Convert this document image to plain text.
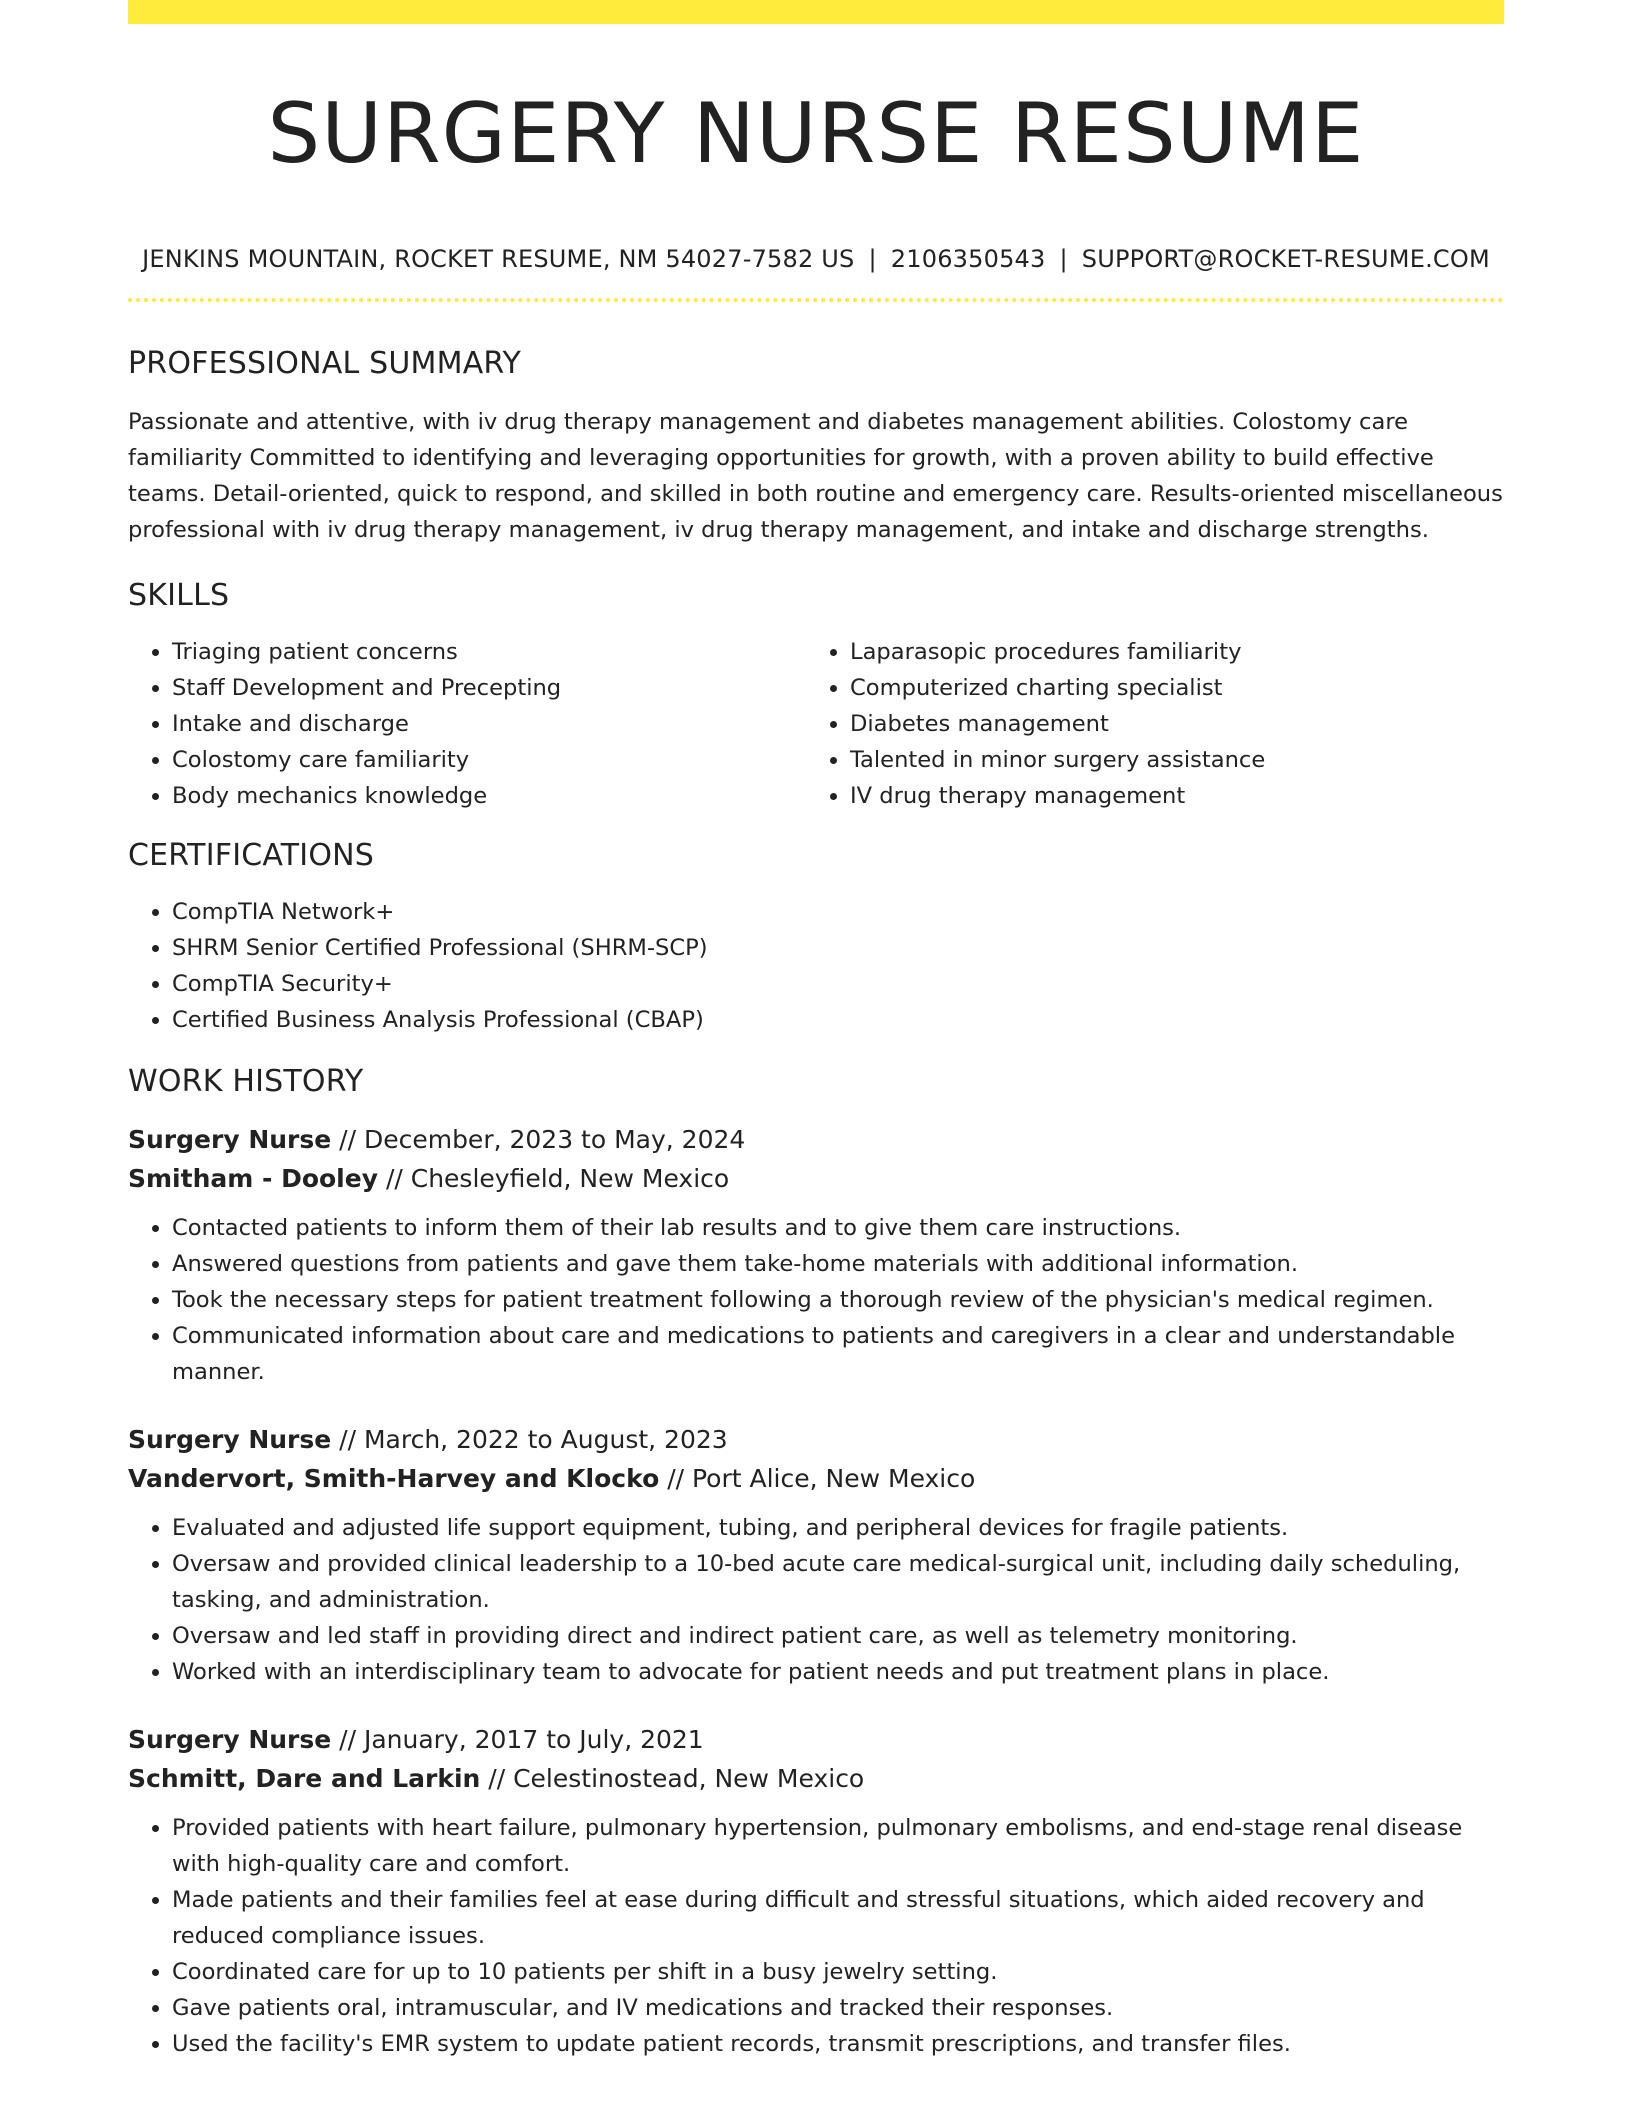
SURGERY NURSE RESUME
JENKINS MOUNTAIN, ROCKET RESUME, NM 54027-7582 US | 2106350543 | SUPPORT@ROCKET-RESUME.COM
PROFESSIONAL SUMMARY

Passionate and attentive, with iv drug therapy management and diabetes management abilities. Colostomy care familiarity Committed to identifying and leveraging opportunities for growth, with a proven ability to build effective teams. Detail-oriented, quick to respond, and skilled in both routine and emergency care. Results-oriented miscellaneous professional with iv drug therapy management, iv drug therapy management, and intake and discharge strengths.

SKILLS
• Triaging patient concerns
• Staff Development and Precepting
• Intake and discharge
• Colostomy care familiarity
• Body mechanics knowledge
• Laparasopic procedures familiarity
• Computerized charting specialist
• Diabetes management
• Talented in minor surgery assistance
• IV drug therapy management
CERTIFICATIONS
• CompTIA Network+
• SHRM Senior Certified Professional (SHRM-SCP)
• CompTIA Security+
• Certified Business Analysis Professional (CBAP)
WORK HISTORY
Surgery Nurse // December, 2023 to May, 2024
Smitham - Dooley // Chesleyfield, New Mexico
• Contacted patients to inform them of their lab results and to give them care instructions.
• Answered questions from patients and gave them take-home materials with additional information.
• Took the necessary steps for patient treatment following a thorough review of the physician's medical regimen.
• Communicated information about care and medications to patients and caregivers in a clear and understandable manner.
Surgery Nurse // March, 2022 to August, 2023
Vandervort, Smith-Harvey and Klocko // Port Alice, New Mexico
• Evaluated and adjusted life support equipment, tubing, and peripheral devices for fragile patients.
• Oversaw and provided clinical leadership to a 10-bed acute care medical-surgical unit, including daily scheduling, tasking, and administration.
• Oversaw and led staff in providing direct and indirect patient care, as well as telemetry monitoring.
• Worked with an interdisciplinary team to advocate for patient needs and put treatment plans in place.
Surgery Nurse // January, 2017 to July, 2021
Schmitt, Dare and Larkin // Celestinostead, New Mexico
• Provided patients with heart failure, pulmonary hypertension, pulmonary embolisms, and end-stage renal disease with high-quality care and comfort.
• Made patients and their families feel at ease during difficult and stressful situations, which aided recovery and reduced compliance issues.
• Coordinated care for up to 10 patients per shift in a busy jewelry setting.
• Gave patients oral, intramuscular, and IV medications and tracked their responses.
• Used the facility's EMR system to update patient records, transmit prescriptions, and transfer files.
